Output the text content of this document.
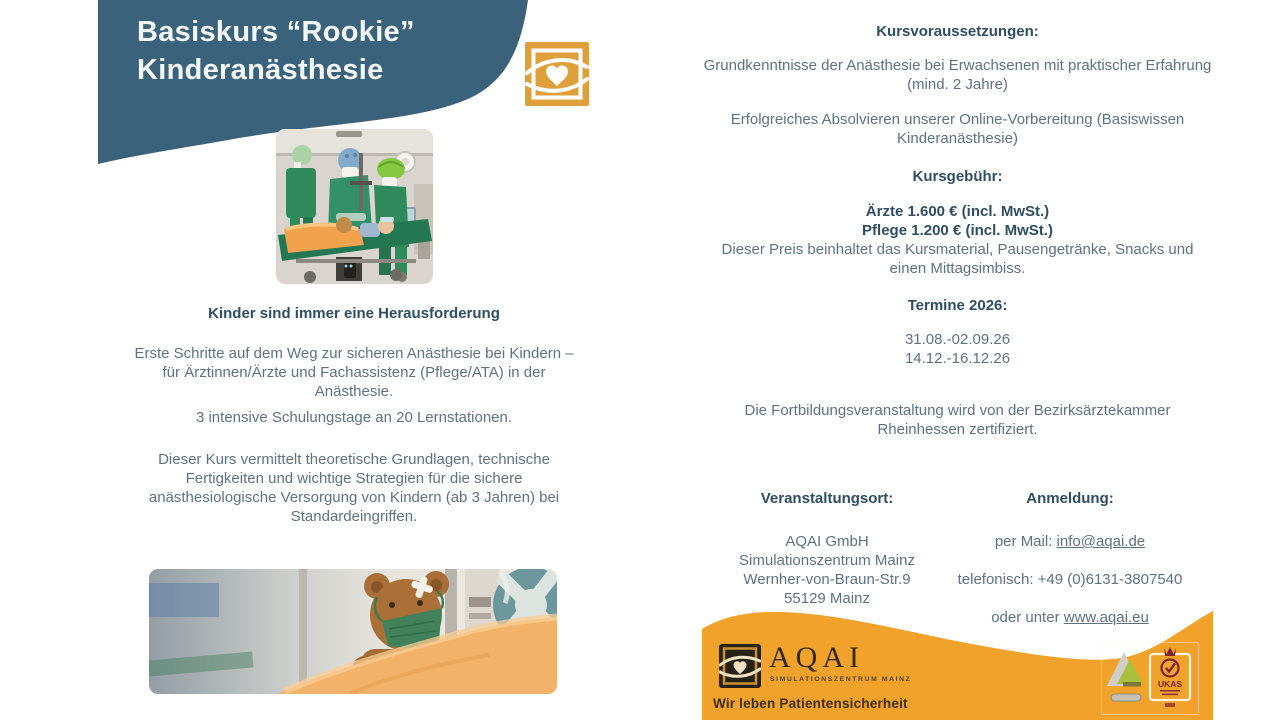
Basiskurs “Rookie”
Kinderanästhesie
Kinder sind immer eine Herausforderung
Erste Schritte auf dem Weg zur sicheren Anästhesie bei Kindern – für Ärztinnen/Ärzte und Fachassistenz (Pflege/ATA) in der Anästhesie.
3 intensive Schulungstage an 20 Lernstationen.
Dieser Kurs vermittelt theoretische Grundlagen, technische Fertigkeiten und wichtige Strategien für die sichere anästhesiologische Versorgung von Kindern (ab 3 Jahren) bei Standardeingriffen.
Kursvoraussetzungen:
Grundkenntnisse der Anästhesie bei Erwachsenen mit praktischer Erfahrung (mind. 2 Jahre)
Erfolgreiches Absolvieren unserer Online-Vorbereitung (Basiswissen Kinderanästhesie)
Kursgebühr:
Ärzte 1.600 € (incl. MwSt.)
Pflege 1.200 € (incl. MwSt.)
Dieser Preis beinhaltet das Kursmaterial, Pausengetränke, Snacks und einen Mittagsimbiss.
Termine 2026:
31.08.-02.09.26
14.12.-16.12.26
Die Fortbildungsveranstaltung wird von der Bezirksärztekammer Rheinhessen zertifiziert.
Veranstaltungsort:
AQAI GmbH
Simulationszentrum Mainz
Wernher-von-Braun-Str.9
55129 Mainz
Anmeldung:
per Mail: info@aqai.de
telefonisch: +49 (0)6131-3807540
oder unter www.aqai.eu
AQAI
SIMULATIONSZENTRUM MAINZ
Wir leben Patientensicherheit
UKAS
